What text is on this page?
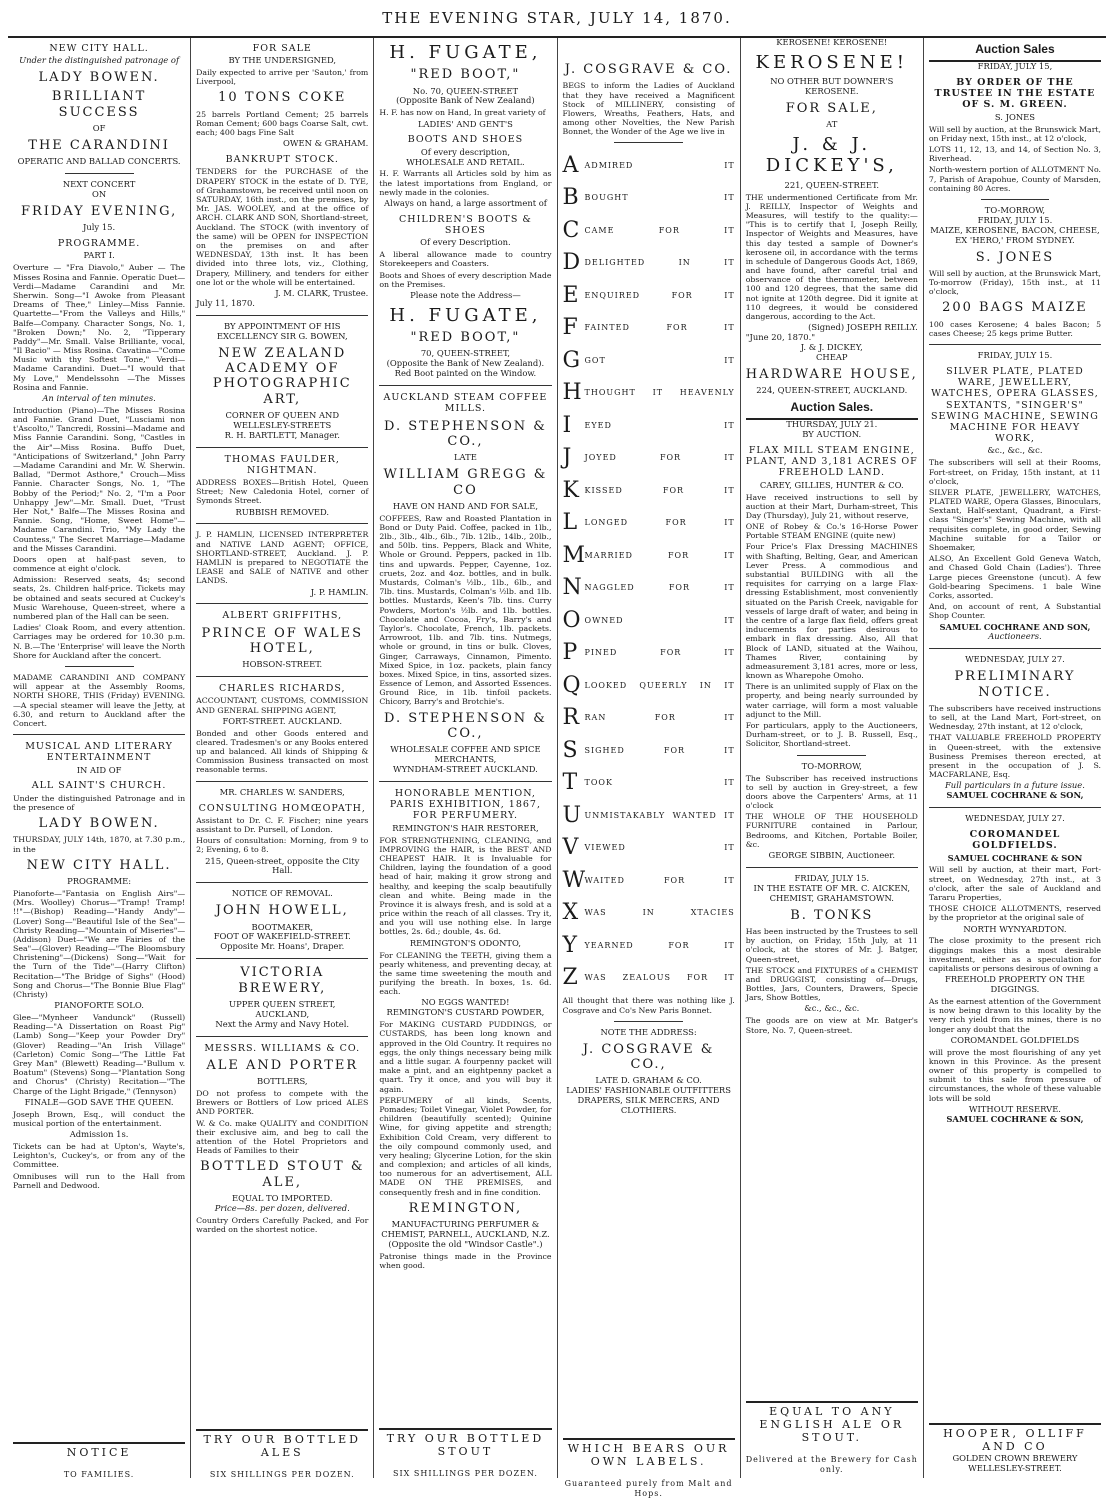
THE EVENING STAR, JULY 14, 1870.
NEW CITY HALL.
Under the distinguished patronage of
LADY BOWEN.
BRILLIANT SUCCESS
OF
THE CARANDINI
OPERATIC AND BALLAD CONCERTS.
NEXT CONCERT
ON
FRIDAY EVENING,
July 15.
PROGRAMME.
PART I.
Overture — "Fra Diavolo," Auber — The Misses Rosina and Fannie. Operatic Duet—Verdi—Madame Carandini and Mr. Sherwin. Song—"I Awoke from Pleasant Dreams of Thee," Linley—Miss Fannie. Quartette—"From the Valleys and Hills," Balfe—Company. Character Songs, No. 1, "Broken Down;" No. 2, "Tipperary Paddy"—Mr. Small. Valse Brilliante, vocal, "Il Bacio" — Miss Rosina. Cavatina—"Come Music with thy Softest Tone," Verdi—Madame Carandini. Duet—"I would that My Love," Mendelssohn —The Misses Rosina and Fannie.
An interval of ten minutes.
Introduction (Piano)—The Misses Rosina and Fannie. Grand Duet, "Lusciami non t'Ascolto," Tancredi, Rossini—Madame and Miss Fannie Carandini. Song, "Castles in the Air"—Miss Rosina. Buffo Duet, "Anticipations of Switzerland," John Parry—Madame Carandini and Mr. W. Sherwin. Ballad, "Dermot Asthore," Crouch—Miss Fannie. Character Songs, No. 1, "The Bobby of the Period;" No. 2, "I'm a Poor Unhappy Jew"—Mr. Small. Duet, "Trust Her Not," Balfe—The Misses Rosina and Fannie. Song, "Home, Sweet Home"—Madame Carandini. Trio, "My Lady the Countess," The Secret Marriage—Madame and the Misses Carandini.
Doors open at half-past seven, to commence at eight o'clock.
Admission: Reserved seats, 4s; second seats, 2s. Children half-price. Tickets may be obtained and seats secured at Cuckey's Music Warehouse, Queen-street, where a numbered plan of the Hall can be seen.
Ladies' Cloak Room, and every attention. Carriages may be ordered for 10.30 p.m. N. B.—The 'Enterprise' will leave the North Shore for Auckland after the concert.
MADAME CARANDINI AND COMPANY will appear at the Assembly Rooms, NORTH SHORE, THIS (Friday) EVENING.—A special steamer will leave the Jetty, at 6.30, and return to Auckland after the Concert.
MUSICAL AND LITERARY ENTERTAINMENT
IN AID OF
ALL SAINT'S CHURCH.
Under the distinguished Patronage and in the presence of
LADY BOWEN.
THURSDAY, JULY 14th, 1870, at 7.30 p.m., in the
NEW CITY HALL.
PROGRAMME:
Pianoforte—"Fantasia on English Airs"—(Mrs. Woolley) Chorus—"Tramp! Tramp! !!"—(Bishop) Reading—"Handy Andy"—(Lover) Song—"Beautiful Isle of the Sea"—Christy Reading—"Mountain of Miseries"—(Addison) Duet—"We are Fairies of the Sea"—(Glover) Reading—"The Bloomsbury Christening"—(Dickens) Song—"Wait for the Turn of the Tide"—(Harry Clifton) Recitation—"The Bridge of Sighs" (Hood) Song and Chorus—"The Bonnie Blue Flag" (Christy)
PIANOFORTE SOLO.
Glee—"Mynheer Vandunck" (Russell) Reading—"A Dissertation on Roast Pig" (Lamb) Song—"Keep your Powder Dry" (Glover) Reading—"An Irish Village" (Carleton) Comic Song—"The Little Fat Grey Man" (Blewett) Reading—"Bullum v. Boatum" (Stevens) Song—"Plantation Song and Chorus" (Christy) Recitation—"The Charge of the Light Brigade," (Tennyson)
FINALE—GOD SAVE THE QUEEN.
Joseph Brown, Esq., will conduct the musical portion of the entertainment.
Admission 1s.
Tickets can be had at Upton's, Wayte's, Leighton's, Cuckey's, or from any of the Committee.
Omnibuses will run to the Hall from Parnell and Dedwood.
NOTICE
TO FAMILIES.
FOR SALE
BY THE UNDERSIGNED,
Daily expected to arrive per 'Sauton,' from Liverpool,
10 TONS COKE
25 barrels Portland Cement; 25 barrels Roman Cement; 600 bags Coarse Salt, cwt. each; 400 bags Fine Salt
OWEN & GRAHAM.
BANKRUPT STOCK.
TENDERS for the PURCHASE of the DRAPERY STOCK in the estate of D. TYE, of Grahamstown, be received until noon on SATURDAY, 16th inst., on the premises, by Mr. JAS. WOOLEY, and at the office of ARCH. CLARK AND SON, Shortland-street, Auckland. The STOCK (with inventory of the same) will be OPEN for INSPECTION on the premises on and after WEDNESDAY, 13th inst. It has been divided into three lots, viz., Clothing, Drapery, Millinery, and tenders for either one lot or the whole will be entertained.
J. M. CLARK, Trustee.
July 11, 1870.
BY APPOINTMENT OF HIS EXCELLENCY SIR G. BOWEN,
NEW ZEALAND ACADEMY OF PHOTOGRAPHIC ART,
CORNER OF QUEEN AND WELLESLEY-STREETS
R. H. BARTLETT, Manager.
THOMAS FAULDER, NIGHTMAN.
ADDRESS BOXES—British Hotel, Queen Street; New Caledonia Hotel, corner of Symonds Street.
RUBBISH REMOVED.
J. P. HAMLIN, LICENSED INTERPRETER and NATIVE LAND AGENT; OFFICE, SHORTLAND-STREET, Auckland. J. P. HAMLIN is prepared to NEGOTIATE the LEASE and SALE of NATIVE and other LANDS.
J. P. HAMLIN.
ALBERT GRIFFITHS,
PRINCE OF WALES HOTEL,
HOBSON-STREET.
CHARLES RICHARDS,
ACCOUNTANT, CUSTOMS, COMMISSION AND GENERAL SHIPPING AGENT,
FORT-STREET. AUCKLAND.
Bonded and other Goods entered and cleared. Tradesmen's or any Books entered up and balanced. All kinds of Shipping & Commission Business transacted on most reasonable terms.
MR. CHARLES W. SANDERS,
CONSULTING HOMŒOPATH,
Assistant to Dr. C. F. Fischer; nine years assistant to Dr. Pursell, of London.
Hours of consultation: Morning, from 9 to 2; Evening, 6 to 8.
215, Queen-street, opposite the City Hall.
NOTICE OF REMOVAL.
JOHN HOWELL,
BOOTMAKER,
FOOT OF WAKEFIELD-STREET.
Opposite Mr. Hoans', Draper.
VICTORIA BREWERY,
UPPER QUEEN STREET,
AUCKLAND,
Next the Army and Navy Hotel.
MESSRS. WILLIAMS & CO.
ALE AND PORTER
BOTTLERS,
DO not profess to compete with the Brewers or Bottlers of Low priced ALES AND PORTER.
W. & Co. make QUALITY and CONDITION their exclusive aim, and beg to call the attention of the Hotel Proprietors and Heads of Families to their
BOTTLED STOUT & ALE,
EQUAL TO IMPORTED.
Price—8s. per dozen, delivered.
Country Orders Carefully Packed, and For warded on the shortest notice.
TRY OUR BOTTLED ALES
SIX SHILLINGS PER DOZEN.
H. FUGATE,
"RED BOOT,"
No. 70, QUEEN-STREET
(Opposite Bank of New Zealand)
H. F. has now on Hand, In great variety of
LADIES' AND GENT'S
BOOTS AND SHOES
Of every description,
WHOLESALE AND RETAIL.
H. F. Warrants all Articles sold by him as the latest importations from England, or newly made in the colonies.
Always on hand, a large assortment of
CHILDREN'S BOOTS & SHOES
Of every Description.
A liberal allowance made to country Storekeepers and Coasters.
Boots and Shoes of every description Made on the Premises.
Please note the Address—
H. FUGATE,
"RED BOOT,"
70, QUEEN-STREET,
(Opposite the Bank of New Zealand).
Red Boot painted on the Window.
AUCKLAND STEAM COFFEE MILLS.
D. STEPHENSON & CO.,
LATE
WILLIAM GREGG & CO
HAVE ON HAND AND FOR SALE,
COFFEES, Raw and Roasted Plantation in Bond or Duty Paid. Coffee, packed in 1lb., 2lb., 3lb., 4lb., 6lb., 7lb. 12lb., 14lb., 20lb., and 50lb. tins. Peppers, Black and White, Whole or Ground. Peppers, packed in 1lb. tins and upwards. Pepper, Cayenne, 1oz. cruets, 2oz. and 4oz. bottles, and in bulk. Mustards, Colman's ½lb., 1lb., 6lb., and 7lb. tins. Mustards, Colman's ½lb. and 1lb. bottles. Mustards, Keen's 7lb. tins. Curry Powders, Morton's ½lb. and 1lb. bottles. Chocolate and Cocoa, Fry's, Barry's and Taylor's. Chocolate, French, 1lb. packets. Arrowroot, 1lb. and 7lb. tins. Nutmegs, whole or ground, in tins or bulk. Cloves, Ginger, Carraways, Cinnamon, Pimento. Mixed Spice, in 1oz. packets, plain fancy boxes. Mixed Spice, in tins, assorted sizes. Essence of Lemon, and Assorted Essences. Ground Rice, in 1lb. tinfoil packets. Chicory, Barry's and Brotchie's.
D. STEPHENSON & CO.,
WHOLESALE COFFEE AND SPICE MERCHANTS,
WYNDHAM-STREET AUCKLAND.
HONORABLE MENTION, PARIS EXHIBITION, 1867, FOR PERFUMERY.
REMINGTON'S HAIR RESTORER,
FOR STRENGTHENING, CLEANING, and IMPROVING the HAIR, is the BEST AND CHEAPEST HAIR. It is Invaluable for Children, laying the foundation of a good head of hair, making it grow strong and healthy, and keeping the scalp beautifully clean and white. Being made in the Province it is always fresh, and is sold at a price within the reach of all classes. Try it, and you will use nothing else. In large bottles, 2s. 6d.; double, 4s. 6d.
REMINGTON'S ODONTO,
For CLEANING the TEETH, giving them a pearly whiteness, and preventing decay, at the same time sweetening the mouth and purifying the breath. In boxes, 1s. 6d. each.
NO EGGS WANTED!
REMINGTON'S CUSTARD POWDER,
For MAKING CUSTARD PUDDINGS, or CUSTARDS, has been long known and approved in the Old Country. It requires no eggs, the only things necessary being milk and a little sugar. A fourpenny packet will make a pint, and an eightpenny packet a quart. Try it once, and you will buy it again.
PERFUMERY of all kinds, Scents, Pomades; Toilet Vinegar, Violet Powder, for children (beautifully scented); Quinine Wine, for giving appetite and strength; Exhibition Cold Cream, very different to the oily compound commonly used, and very healing; Glycerine Lotion, for the skin and complexion; and articles of all kinds, too numerous for an advertisement, ALL MADE ON THE PREMISES, and consequently fresh and in fine condition.
REMINGTON,
MANUFACTURING PERFUMER & CHEMIST, PARNELL, AUCKLAND, N.Z.
(Opposite the old "Windsor Castle".)
Patronise things made in the Province when good.
TRY OUR BOTTLED STOUT
SIX SHILLINGS PER DOZEN.
J. COSGRAVE & CO.
BEGS to inform the Ladies of Auckland that they have received a Magnificent Stock of MILLINERY, consisting of Flowers, Wreaths, Feathers, Hats, and among other Novelties, the New Parish Bonnet, the Wonder of the Age we live in
A ADMIRED IT
B BOUGHT IT
C CAME FOR IT
D DELIGHTED IN IT
E ENQUIRED FOR IT
F FAINTED FOR IT
G GOT IT
H THOUGHT IT HEAVENLY
I	EYED IT
J	JOYED FOR IT
K KISSED FOR IT
L LONGED FOR IT
M MARRIED FOR IT
N NAGGLED FOR IT
O OWNED IT
P PINED FOR IT
Q LOOKED QUEERLY IN IT
R RAN FOR IT
S SIGHED FOR IT
T TOOK IT
U UNMISTAKABLY WANTED IT
V VIEWED IT
W WAITED FOR IT
X WAS IN XTACIES
Y YEARNED FOR IT
Z WAS ZEALOUS FOR IT
All thought that there was nothing like J. Cosgrave and Co's New Paris Bonnet.
NOTE THE ADDRESS:
J. COSGRAVE & CO.,
LATE D. GRAHAM & CO.
LADIES' FASHIONABLE OUTFITTERS
DRAPERS, SILK MERCERS, AND
CLOTHIERS.
WHICH BEARS OUR OWN LABELS.
Guaranteed purely from Malt and Hops.
KEROSENE! KEROSENE!
KEROSENE!
NO OTHER BUT DOWNER'S KEROSENE.
FOR SALE,
AT
J. & J. DICKEY'S,
221, QUEEN-STREET.
THE undermentioned Certificate from Mr. J. REILLY, Inspector of Weights and Measures, will testify to the quality:— "This is to certify that I, Joseph Reilly, Inspector of Weights and Measures, have this day tested a sample of Downer's kerosene oil, in accordance with the terms in schedule of Dangerous Goods Act, 1869, and have found, after careful trial and observance of the thermometer, between 100 and 120 degrees, that the same did not ignite at 120th degree. Did it ignite at 110 degrees, it would be considered dangerous, according to the Act.
(Signed) JOSEPH REILLY.
"June 20, 1870."
J. & J. DICKEY,
CHEAP
HARDWARE HOUSE,
224, QUEEN-STREET, AUCKLAND.
Auction Sales.
THURSDAY, JULY 21.
BY AUCTION.
FLAX MILL STEAM ENGINE, PLANT, AND 3,181 ACRES OF FREEHOLD LAND.
CAREY, GILLIES, HUNTER & CO.
Have received instructions to sell by auction at their Mart, Durham-street, This Day (Thursday), July 21, without reserve,
ONE of Robey & Co.'s 16-Horse Power Portable STEAM ENGINE (quite new)
Four Price's Flax Dressing MACHINES with Shafting, Belting, Gear, and American Lever Press. A commodious and substantial BUILDING with all the requisites for carrying on a large Flax-dressing Establishment, most conveniently situated on the Parish Creek, navigable for vessels of large draft of water, and being in the centre of a large flax field, offers great inducements for parties desirous to embark in flax dressing. Also, All that Block of LAND, situated at the Waihou, Thames River, containing by admeasurement 3,181 acres, more or less, known as Wharepohe Omoho.
There is an unlimited supply of Flax on the property, and being nearly surrounded by water carriage, will form a most valuable adjunct to the Mill.
For particulars, apply to the Auctioneers, Durham-street, or to J. B. Russell, Esq., Solicitor, Shortland-street.
TO-MORROW,
The Subscriber has received instructions to sell by auction in Grey-street, a few doors above the Carpenters' Arms, at 11 o'clock
THE WHOLE OF THE HOUSEHOLD FURNITURE contained in Parlour, Bedrooms, and Kitchen, Portable Boiler, &c.
GEORGE SIBBIN, Auctioneer.
FRIDAY, JULY 15.
IN THE ESTATE OF MR. C. AICKEN, CHEMIST, GRAHAMSTOWN.
B. TONKS
Has been instructed by the Trustees to sell by auction, on Friday, 15th July, at 11 o'clock, at the stores of Mr. J. Batger, Queen-street,
THE STOCK and FIXTURES of a CHEMIST and DRUGGIST, consisting of—Drugs, Bottles, Jars, Counters, Drawers, Specie Jars, Show Bottles,
&c., &c., &c.
The goods are on view at Mr. Batger's Store, No. 7, Queen-street.
EQUAL TO ANY ENGLISH ALE OR STOUT.
Delivered at the Brewery for Cash only.
Auction Sales
FRIDAY, JULY 15,
BY ORDER OF THE TRUSTEE IN THE ESTATE OF S. M. GREEN.
S. JONES
Will sell by auction, at the Brunswick Mart, on Friday next, 15th inst., at 12 o'clock,
LOTS 11, 12, 13, and 14, of Section No. 3, Riverhead.
North-western portion of ALLOTMENT No. 7, Parish of Arapohue, County of Marsden, containing 80 Acres.
TO-MORROW,
FRIDAY, JULY 15.
MAIZE, KEROSENE, BACON, CHEESE,
EX 'HERO,' FROM SYDNEY.
S. JONES
Will sell by auction, at the Brunswick Mart, To-morrow (Friday), 15th inst., at 11 o'clock,
200 BAGS MAIZE
100 cases Kerosene; 4 bales Bacon; 5 cases Cheese; 25 kegs prime Butter.
FRIDAY, JULY 15.
SILVER PLATE, PLATED WARE, JEWELLERY, WATCHES, OPERA GLASSES, SEXTANTS, "SINGER'S" SEWING MACHINE, SEWING MACHINE FOR HEAVY WORK,
&c., &c., &c.
The subscribers will sell at their Rooms, Fort-street, on Friday, 15th instant, at 11 o'clock,
SILVER PLATE, JEWELLERY, WATCHES, PLATED WARE, Opera Glasses, Binoculars, Sextant, Half-sextant, Quadrant, a First-class "Singer's" Sewing Machine, with all requisites complete, in good order, Sewing Machine suitable for a Tailor or Shoemaker,
ALSO, An Excellent Gold Geneva Watch, and Chased Gold Chain (Ladies'). Three Large pieces Greenstone (uncut). A few Gold-bearing Specimens. 1 bale Wine Corks, assorted.
And, on account of rent, A Substantial Shop Counter.
SAMUEL COCHRANE AND SON,
Auctioneers.
WEDNESDAY, JULY 27.
PRELIMINARY NOTICE.
The subscribers have received instructions to sell, at the Land Mart, Fort-street, on Wednesday, 27th instant, at 12 o'clock,
THAT VALUABLE FREEHOLD PROPERTY in Queen-street, with the extensive Business Premises thereon erected, at present in the occupation of J. S. MACFARLANE, Esq.
Full particulars in a future issue.
SAMUEL COCHRANE & SON,
WEDNESDAY, JULY 27.
COROMANDEL GOLDFIELDS.
SAMUEL COCHRANE & SON
Will sell by auction, at their mart, Fort-street, on Wednesday, 27th inst., at 3 o'clock, after the sale of Auckland and Tararu Properties,
THOSE CHOICE ALLOTMENTS, reserved by the proprietor at the original sale of
NORTH WYNYARDTON.
The close proximity to the present rich diggings makes this a most desirable investment, either as a speculation for capitalists or persons desirous of owning a
FREEHOLD PROPERTY ON THE DIGGINGS.
As the earnest attention of the Government is now being drawn to this locality by the very rich yield from its mines, there is no longer any doubt that the
COROMANDEL GOLDFIELDS
will prove the most flourishing of any yet known in this Province. As the present owner of this property is compelled to submit to this sale from pressure of circumstances, the whole of these valuable lots will be sold
WITHOUT RESERVE.
SAMUEL COCHRANE & SON,
HOOPER, OLLIFF AND CO
GOLDEN CROWN BREWERY
WELLESLEY-STREET.
